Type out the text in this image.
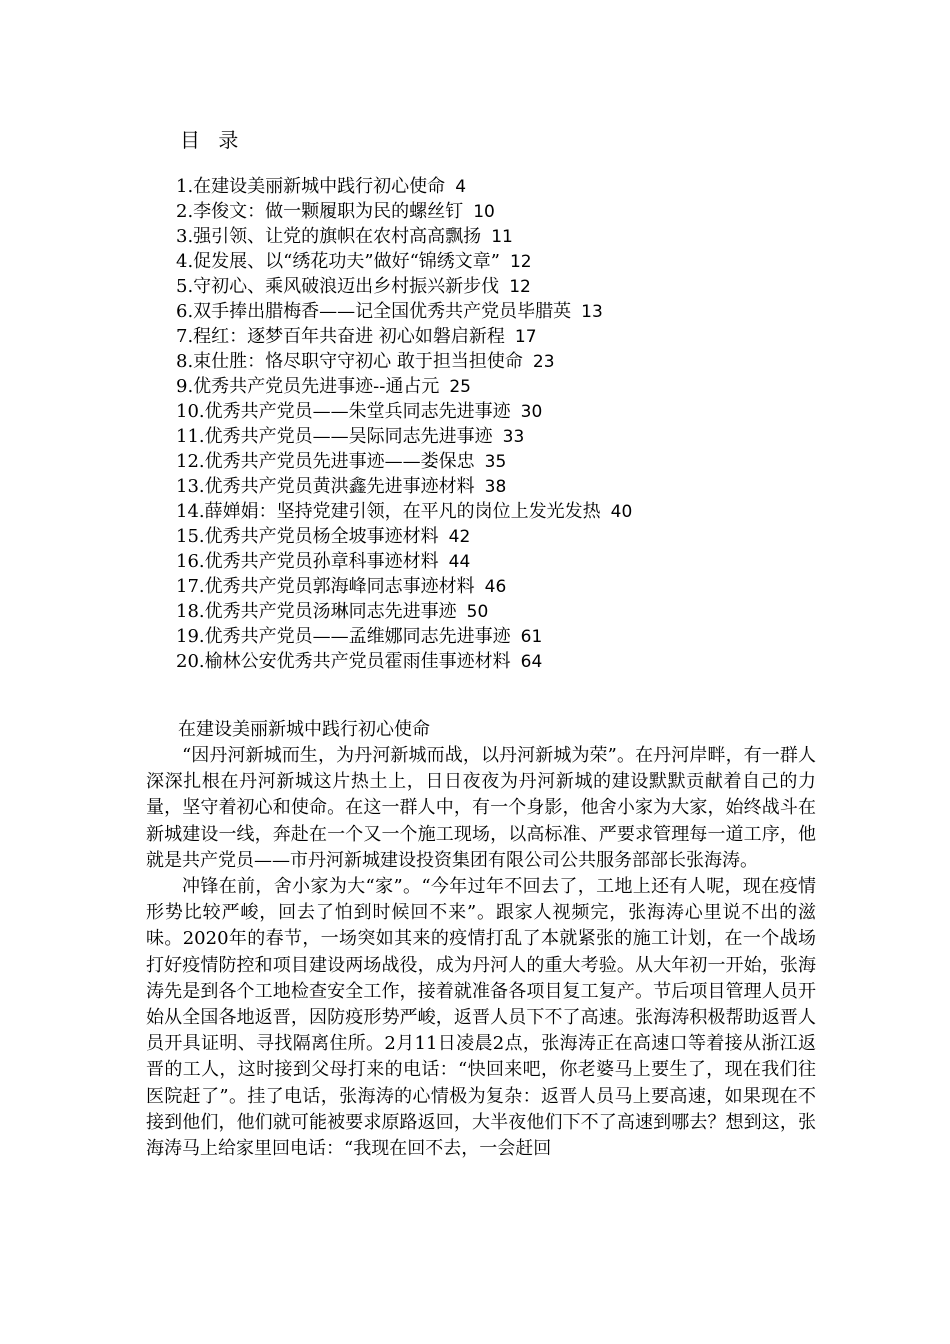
目 录
1.在建设美丽新城中践行初心使命 4
2.李俊文：做一颗履职为民的螺丝钉 10
3.强引领、让党的旗帜在农村高高飘扬 11
4.促发展、以“绣花功夫”做好“锦绣文章” 12
5.守初心、乘风破浪迈出乡村振兴新步伐 12
6.双手捧出腊梅香——记全国优秀共产党员毕腊英 13
7.程红：逐梦百年共奋进 初心如磐启新程 17
8.束仕胜：恪尽职守守初心 敢于担当担使命 23
9.优秀共产党员先进事迹--通占元 25
10.优秀共产党员——朱堂兵同志先进事迹 30
11.优秀共产党员——吴际同志先进事迹 33
12.优秀共产党员先进事迹——娄保忠 35
13.优秀共产党员黄洪鑫先进事迹材料 38
14.薛婵娟：坚持党建引领，在平凡的岗位上发光发热 40
15.优秀共产党员杨全坡事迹材料 42
16.优秀共产党员孙章科事迹材料 44
17.优秀共产党员郭海峰同志事迹材料 46
18.优秀共产党员汤琳同志先进事迹 50
19.优秀共产党员——孟维娜同志先进事迹 61
20.榆林公安优秀共产党员霍雨佳事迹材料 64
在建设美丽新城中践行初心使命

“因丹河新城而生，为丹河新城而战，以丹河新城为荣”。在丹河岸畔，有一群人深深扎根在丹河新城这片热土上，日日夜夜为丹河新城的建设默默贡献着自己的力量，坚守着初心和使命。在这一群人中，有一个身影，他舍小家为大家，始终战斗在新城建设一线，奔赴在一个又一个施工现场，以高标准、严要求管理每一道工序，他就是共产党员——市丹河新城建设投资集团有限公司公共服务部部长张海涛。

冲锋在前，舍小家为大“家”。“今年过年不回去了，工地上还有人呢，现在疫情形势比较严峻，回去了怕到时候回不来”。跟家人视频完，张海涛心里说不出的滋味。2020年的春节，一场突如其来的疫情打乱了本就紧张的施工计划，在一个战场打好疫情防控和项目建设两场战役，成为丹河人的重大考验。从大年初一开始，张海涛先是到各个工地检查安全工作，接着就准备各项目复工复产。节后项目管理人员开始从全国各地返晋，因防疫形势严峻，返晋人员下不了高速。张海涛积极帮助返晋人员开具证明、寻找隔离住所。2月11日凌晨2点，张海涛正在高速口等着接从浙江返晋的工人，这时接到父母打来的电话：“快回来吧，你老婆马上要生了，现在我们往医院赶了”。挂了电话，张海涛的心情极为复杂：返晋人员马上要高速，如果现在不接到他们，他们就可能被要求原路返回，大半夜他们下不了高速到哪去？想到这，张海涛马上给家里回电话：“我现在回不去，一会赶回
